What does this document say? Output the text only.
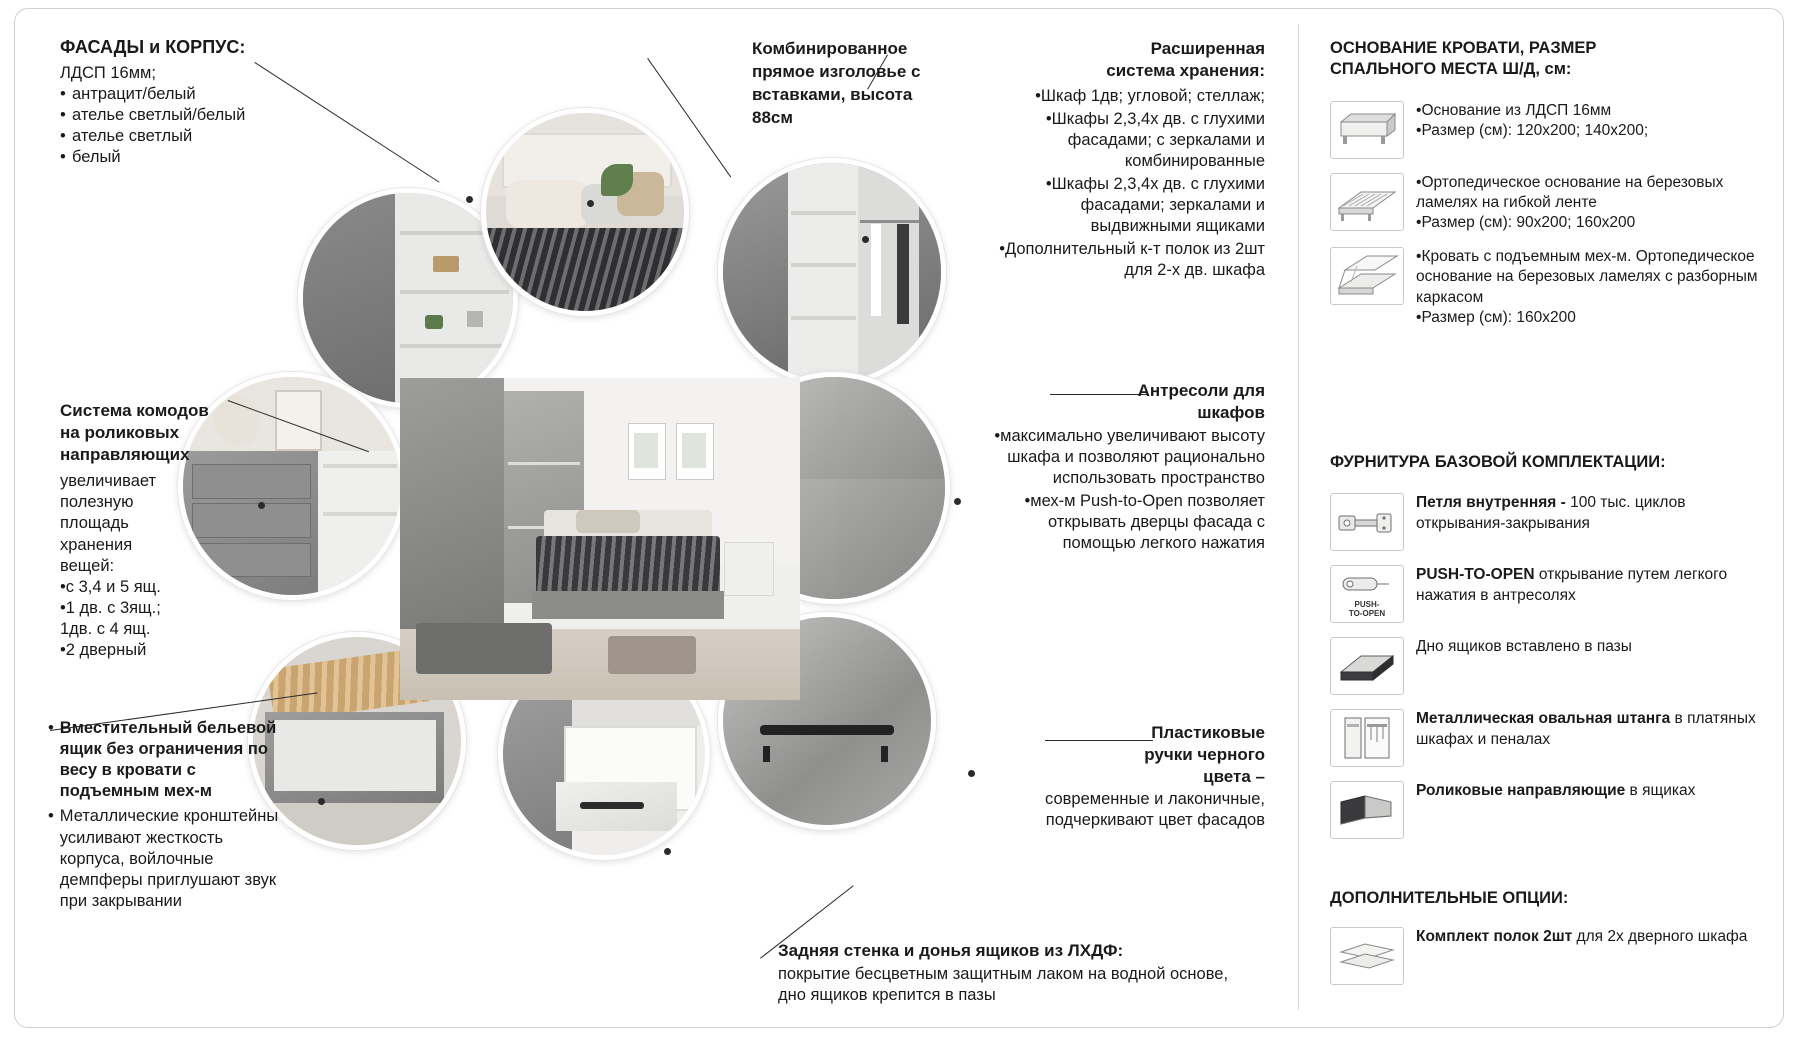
ФАСАДЫ и КОРПУС:
ЛДСП 16мм;
• антрацит/белый
• ателье светлый/белый
• ателье светлый
• белый
Комбинированное прямое изголовье с вставками, высота 88см
Расширенная
система хранения:
•Шкаф 1дв; угловой; стеллаж;
•Шкафы 2,3,4х дв. с глухими фасадами; с зеркалами и комбинированные
•Шкафы 2,3,4х дв. с глухими фасадами; зеркалами и выдвижными ящиками
•Дополнительный к-т полок из 2шт для 2-х дв. шкафа
Система комодов
на роликовых
направляющих
увеличивает полезную площадь хранения вещей:
•с 3,4 и 5 ящ.
•1 дв. с 3ящ.; 1дв. с 4 ящ.
•2 дверный
• Вместительный бельевой ящик без ограничения по весу в кровати с подъемным мех-м
• Металлические кронштейны усиливают жесткость корпуса, войлочные демпферы приглушают звук при закрывании
Антресоли для
шкафов
•максимально увеличивают высоту шкафа и позволяют рационально использовать пространство
•мех-м Push-to-Open позволяет открывать дверцы фасада с помощью легкого нажатия
Пластиковые
ручки черного
цвета –
современные и лаконичные, подчеркивают цвет фасадов
Задняя стенка и донья ящиков из ЛХДФ:
покрытие бесцветным защитным лаком на водной основе, дно ящиков крепится в пазы
ОСНОВАНИЕ КРОВАТИ, РАЗМЕР
СПАЛЬНОГО МЕСТА Ш/Д, см:
•Основание из ЛДСП 16мм
•Размер (см): 120х200; 140х200;
•Ортопедическое основание на березовых ламелях на гибкой ленте
•Размер (см): 90х200; 160х200
•Кровать с подъемным мех-м. Ортопедическое основание на березовых ламелях с разборным каркасом
•Размер (см): 160х200
ФУРНИТУРА БАЗОВОЙ КОМПЛЕКТАЦИИ:
Петля внутренняя - 100 тыс. циклов открывания-закрывания
PUSH-
TO-OPEN
PUSH-TO-OPEN открывание путем легкого нажатия в антресолях
Дно ящиков вставлено в пазы
Металлическая овальная штанга в платяных шкафах и пеналах
Роликовые направляющие в ящиках
ДОПОЛНИТЕЛЬНЫЕ ОПЦИИ:
Комплект полок 2шт для 2х дверного шкафа
